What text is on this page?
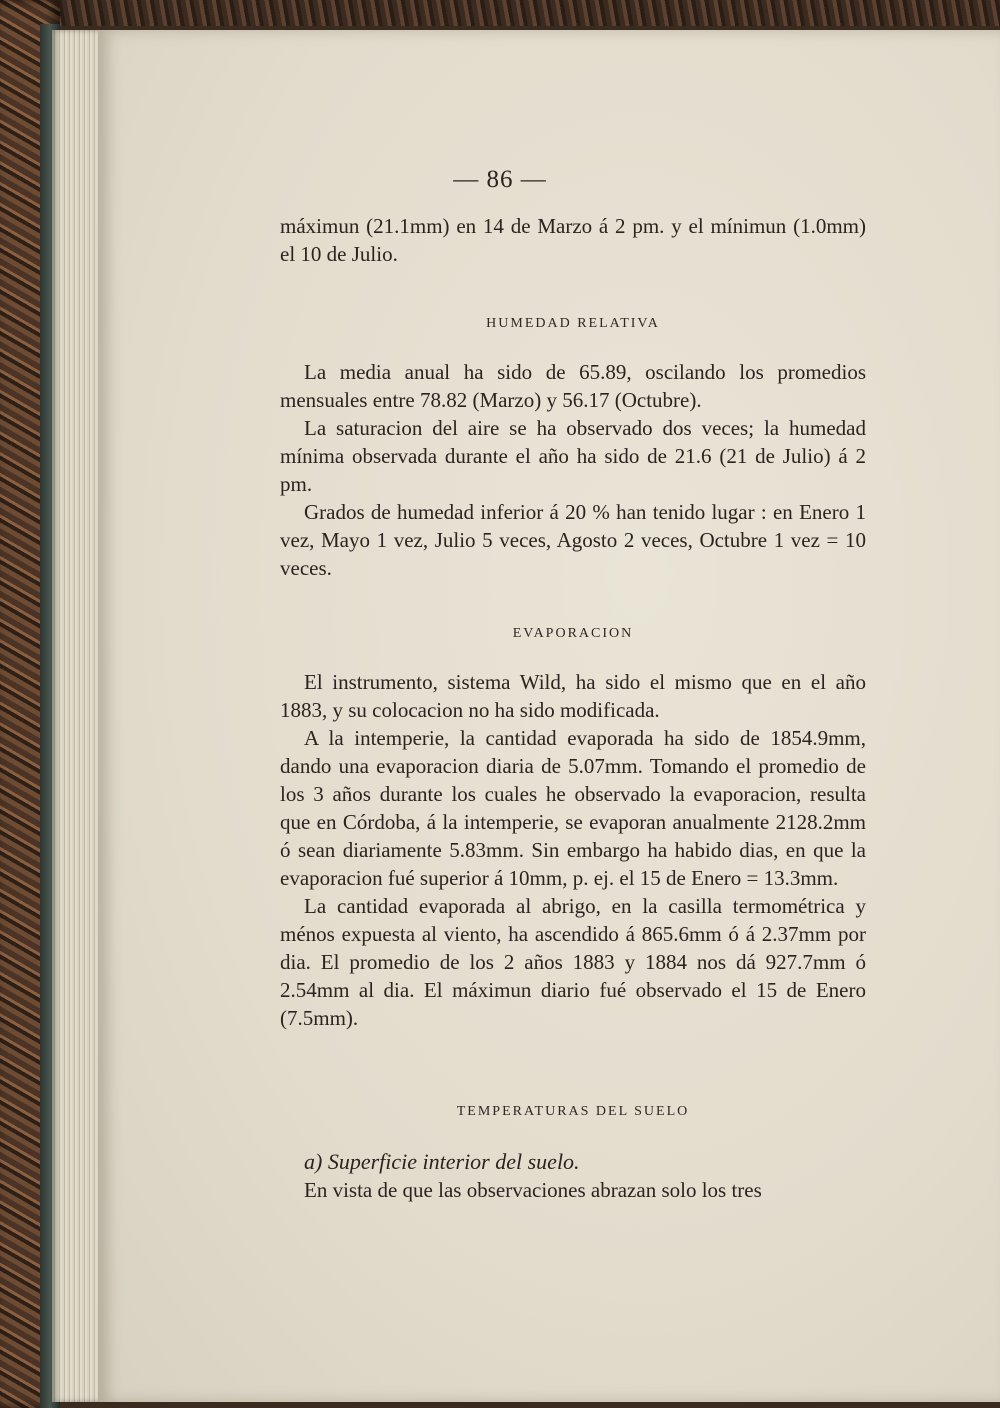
— 86 —

máximun (21.1mm) en 14 de Marzo á 2 pm. y el mínimun (1.0mm) el 10 de Julio.

HUMEDAD RELATIVA

La media anual ha sido de 65.89, oscilando los promedios mensuales entre 78.82 (Marzo) y 56.17 (Octubre).

La saturacion del aire se ha observado dos veces; la humedad mínima observada durante el año ha sido de 21.6 (21 de Julio) á 2 pm.

Grados de humedad inferior á 20 % han tenido lugar : en Enero 1 vez, Mayo 1 vez, Julio 5 veces, Agosto 2 veces, Octubre 1 vez = 10 veces.

EVAPORACION

El instrumento, sistema Wild, ha sido el mismo que en el año 1883, y su colocacion no ha sido modificada.

A la intemperie, la cantidad evaporada ha sido de 1854.9mm, dando una evaporacion diaria de 5.07mm. Tomando el promedio de los 3 años durante los cuales he observado la evaporacion, resulta que en Córdoba, á la intemperie, se evaporan anualmente 2128.2mm ó sean diariamente 5.83mm. Sin embargo ha habido dias, en que la evaporacion fué superior á 10mm, p. ej. el 15 de Enero = 13.3mm.

La cantidad evaporada al abrigo, en la casilla termométrica y ménos expuesta al viento, ha ascendido á 865.6mm ó á 2.37mm por dia. El promedio de los 2 años 1883 y 1884 nos dá 927.7mm ó 2.54mm al dia. El máximun diario fué observado el 15 de Enero (7.5mm).

TEMPERATURAS DEL SUELO

a) Superficie interior del suelo.

En vista de que las observaciones abrazan solo los tres
